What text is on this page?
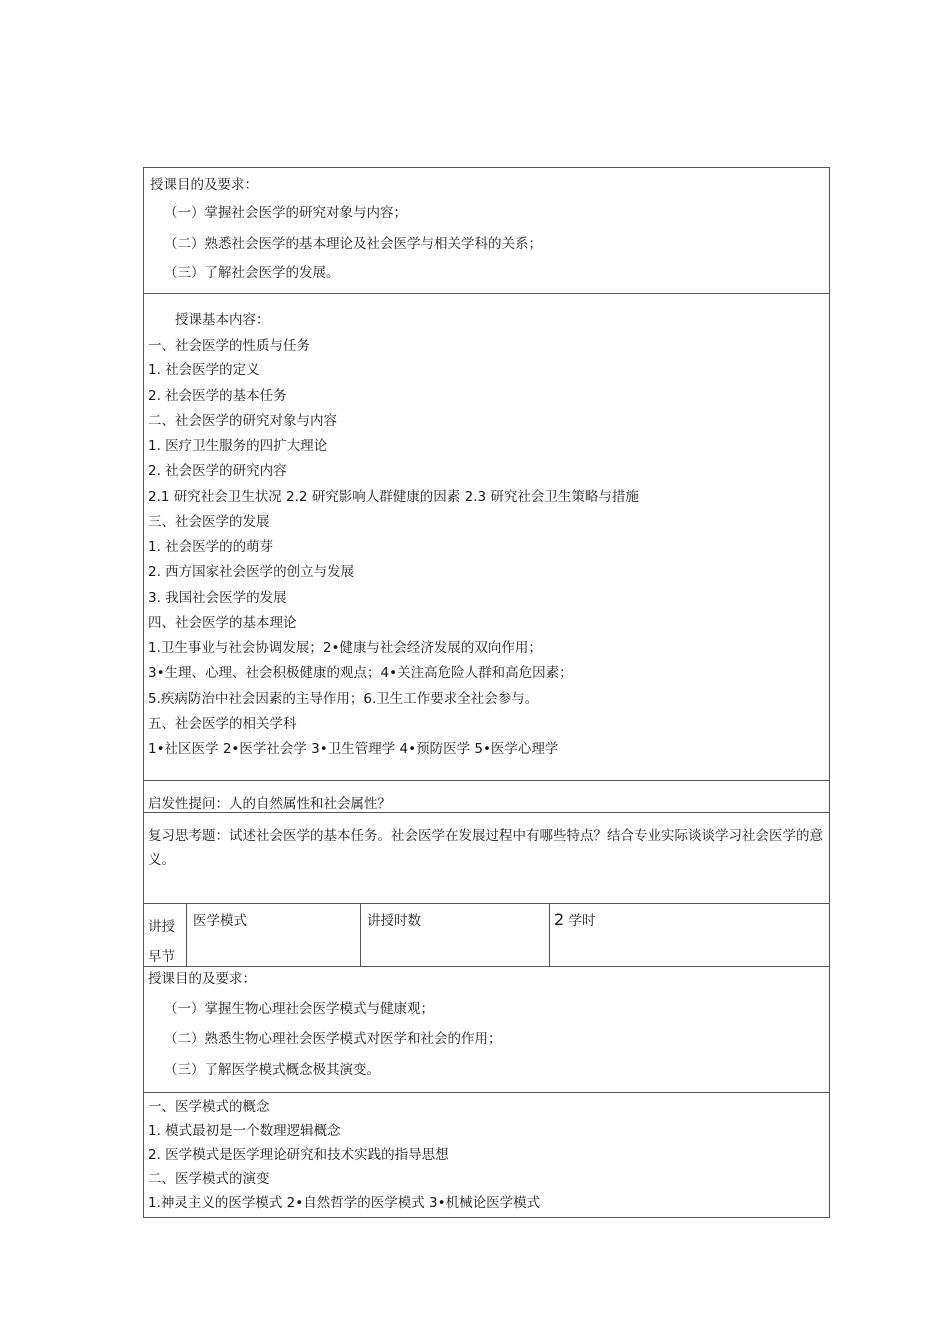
授课目的及要求：
（一）掌握社会医学的研究对象与内容；
（二）熟悉社会医学的基本理论及社会医学与相关学科的关系；
（三）了解社会医学的发展。
授课基本内容：
一、社会医学的性质与任务
1. 社会医学的定义
2. 社会医学的基本任务
二、社会医学的研究对象与内容
1. 医疗卫生服务的四扩大理论
2. 社会医学的研究内容
2.1 研究社会卫生状况 2.2 研究影响人群健康的因素 2.3 研究社会卫生策略与措施
三、社会医学的发展
1. 社会医学的的萌芽
2. 西方国家社会医学的创立与发展
3. 我国社会医学的发展
四、社会医学的基本理论
1.卫生事业与社会协调发展；2•健康与社会经济发展的双向作用；
3•生理、心理、社会积极健康的观点；4•关注高危险人群和高危因素；
5.疾病防治中社会因素的主导作用；6.卫生工作要求全社会参与。
五、社会医学的相关学科
1•社区医学 2•医学社会学 3•卫生管理学 4•预防医学 5•医学心理学
启发性提问：人的自然属性和社会属性？
复习思考题：试述社会医学的基本任务。社会医学在发展过程中有哪些特点？结合专业实际谈谈学习社会医学的意义。
讲授
早节
医学模式	讲授时数	2 学时
授课目的及要求：
（一）掌握生物心理社会医学模式与健康观；
（二）熟悉生物心理社会医学模式对医学和社会的作用；
（三）了解医学模式概念极其演变。
一、医学模式的概念
1. 模式最初是一个数理逻辑概念
2. 医学模式是医学理论研究和技术实践的指导思想
二、医学模式的演变
1.神灵主义的医学模式 2•自然哲学的医学模式 3•机械论医学模式
